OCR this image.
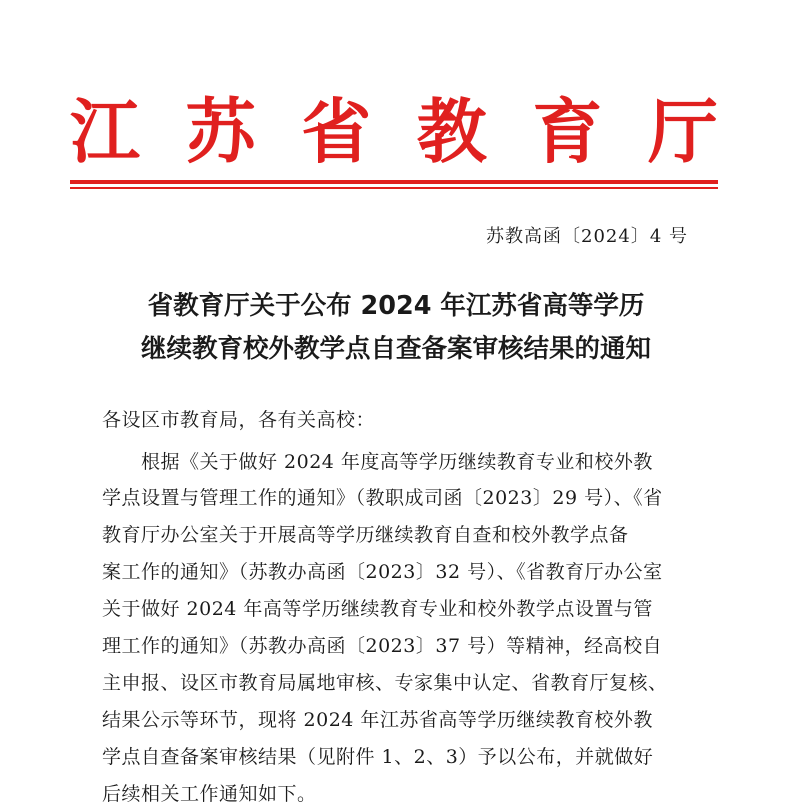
江 苏 省 教 育 厅
苏教高函〔2024〕4 号
省教育厅关于公布 2024 年江苏省高等学历
继续教育校外教学点自查备案审核结果的通知
各设区市教育局，各有关高校：
　　根据《关于做好 2024 年度高等学历继续教育专业和校外教
学点设置与管理工作的通知》（教职成司函〔2023〕29 号）、《省
教育厅办公室关于开展高等学历继续教育自查和校外教学点备
案工作的通知》（苏教办高函〔2023〕32 号）、《省教育厅办公室
关于做好 2024 年高等学历继续教育专业和校外教学点设置与管
理工作的通知》（苏教办高函〔2023〕37 号）等精神，经高校自
主申报、设区市教育局属地审核、专家集中认定、省教育厅复核、
结果公示等环节，现将 2024 年江苏省高等学历继续教育校外教
学点自查备案审核结果（见附件 1、2、3）予以公布，并就做好
后续相关工作通知如下。
